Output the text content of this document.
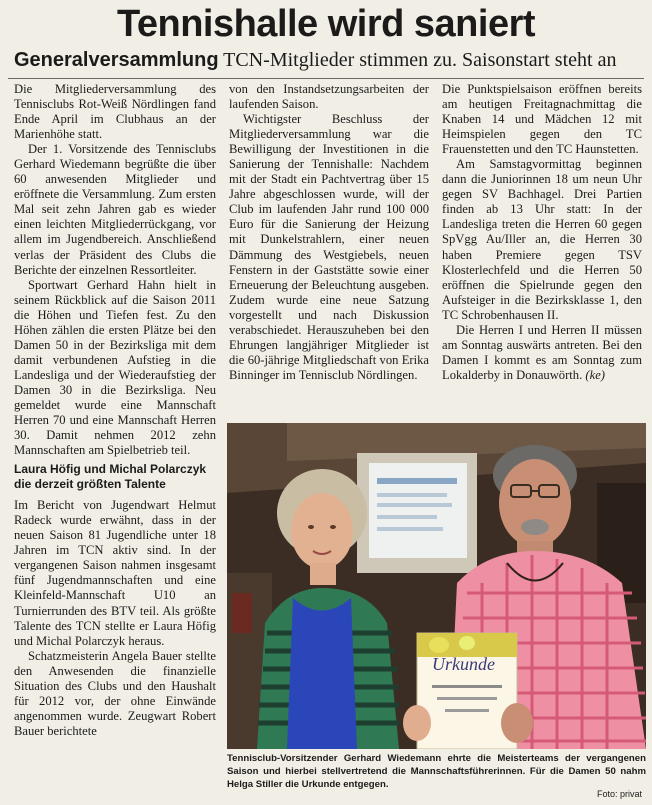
Tennishalle wird saniert
Generalversammlung TCN-Mitglieder stimmen zu. Saisonstart steht an

Die Mitgliederversammlung des Tennisclubs Rot-Weiß Nördlingen fand Ende April im Clubhaus an der Marienhöhe statt.

Der 1. Vorsitzende des Tennisclubs Gerhard Wiedemann begrüßte die über 60 anwesenden Mitglieder und eröffnete die Versammlung. Zum ersten Mal seit zehn Jahren gab es wieder einen leichten Mitgliederrückgang, vor allem im Jugendbereich. Anschließend verlas der Präsident des Clubs die Berichte der einzelnen Ressortleiter.

Sportwart Gerhard Hahn hielt in seinem Rückblick auf die Saison 2011 die Höhen und Tiefen fest. Zu den Höhen zählen die ersten Plätze bei den Damen 50 in der Bezirksliga mit dem damit verbundenen Aufstieg in die Landesliga und der Wiederaufstieg der Damen 30 in die Bezirksliga. Neu gemeldet wurde eine Mannschaft Herren 70 und eine Mannschaft Herren 30. Damit nehmen 2012 zehn Mannschaften am Spielbetrieb teil.

Laura Höfig und Michal Polarczyk die derzeit größten Talente

Im Bericht von Jugendwart Helmut Radeck wurde erwähnt, dass in der neuen Saison 81 Jugendliche unter 18 Jahren im TCN aktiv sind. In der vergangenen Saison nahmen insgesamt fünf Jugendmannschaften und eine Kleinfeld-Mannschaft U10 an Turnierrunden des BTV teil. Als größte Talente des TCN stellte er Laura Höfig und Michal Polarczyk heraus.

Schatzmeisterin Angela Bauer stellte den Anwesenden die finanzielle Situation des Clubs und den Haushalt für 2012 vor, der ohne Einwände angenommen wurde. Zeugwart Robert Bauer berichtete

von den Instandsetzungsarbeiten der laufenden Saison.

Wichtigster Beschluss der Mitgliederversammlung war die Bewilligung der Investitionen in die Sanierung der Tennishalle: Nachdem mit der Stadt ein Pachtvertrag über 15 Jahre abgeschlossen wurde, will der Club im laufenden Jahr rund 100 000 Euro für die Sanierung der Heizung mit Dunkelstrahlern, einer neuen Dämmung des Westgiebels, neuen Fenstern in der Gaststätte sowie einer Erneuerung der Beleuchtung ausgeben. Zudem wurde eine neue Satzung vorgestellt und nach Diskussion verabschiedet. Herauszuheben bei den Ehrungen langjähriger Mitglieder ist die 60-jährige Mitgliedschaft von Erika Binninger im Tennisclub Nördlingen.

Die Punktspielsaison eröffnen bereits am heutigen Freitagnachmittag die Knaben 14 und Mädchen 12 mit Heimspielen gegen den TC Frauenstetten und den TC Haunstetten.

Am Samstagvormittag beginnen dann die Juniorinnen 18 um neun Uhr gegen SV Bachhagel. Drei Partien finden ab 13 Uhr statt: In der Landesliga treten die Herren 60 gegen SpVgg Au/Iller an, die Herren 30 haben Premiere gegen TSV Klosterlechfeld und die Herren 50 eröffnen die Spielrunde gegen den Aufsteiger in die Bezirksklasse 1, den TC Schrobenhausen II.

Die Herren I und Herren II müssen am Sonntag auswärts antreten. Bei den Damen I kommt es am Sonntag zum Lokalderby in Donauwörth. (ke)

Urkunde
Tennisclub-Vorsitzender Gerhard Wiedemann ehrte die Meisterteams der vergangenen Saison und hierbei stellvertretend die Mannschaftsführerinnen. Für die Damen 50 nahm Helga Stiller die Urkunde entgegen.
Foto: privat
